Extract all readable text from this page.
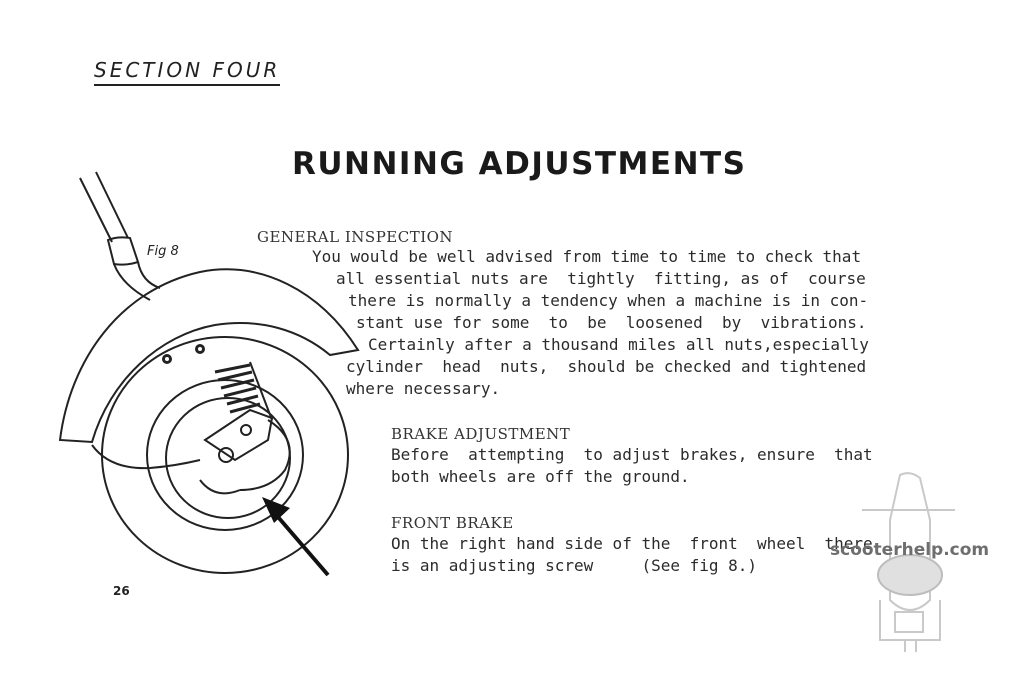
SECTION FOUR
RUNNING ADJUSTMENTS
Fig 8
GENERAL INSPECTION
You would be well advised from time to time to check that
all essential nuts are  tightly  fitting, as of  course
there is normally a tendency when a machine is in con-
stant use for some  to  be  loosened  by  vibrations.
Certainly after a thousand miles all nuts,especially
cylinder  head  nuts,  should be checked and tightened
where necessary.
BRAKE ADJUSTMENT
Before  attempting  to adjust brakes, ensure  that
both wheels are off the ground.
FRONT BRAKE
On the right hand side of the  front  wheel  there
is an adjusting screw     (See fig 8.)
26
scooterhelp.com
